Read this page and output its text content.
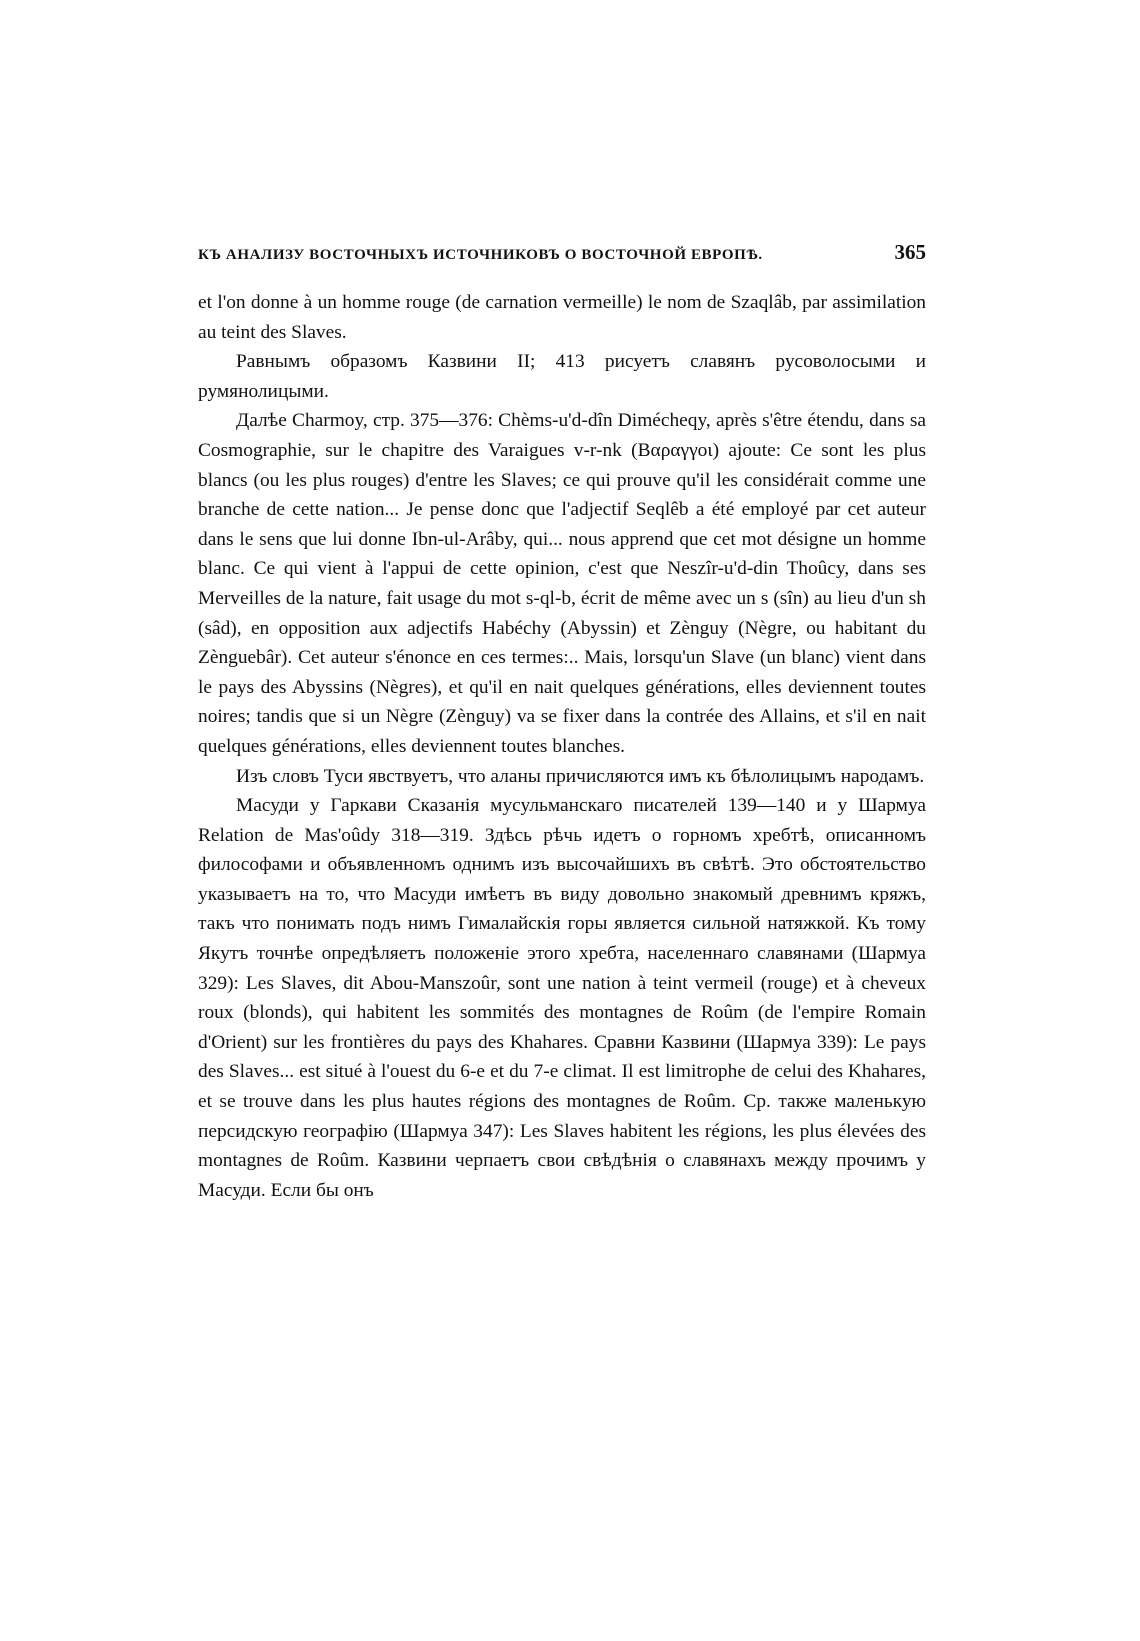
КЪ АНАЛИЗУ ВОСТОЧНЫХЪ ИСТОЧНИКОВЪ О ВОСТОЧНОЙ ЕВРОПѢ.	365

et l'on donne à un homme rouge (de carnation vermeille) le nom de Szaqlâb, par assimilation au teint des Slaves.

Равнымъ образомъ Казвини II; 413 рисуетъ славянъ русоволосыми и румянолицыми.

Далѣе Charmoy, стр. 375—376: Chèms-u'd-dîn Dimécheqy, après s'être étendu, dans sa Cosmographie, sur le chapitre des Varaigues v-r-nk (Βαραγγοι) ajoute: Ce sont les plus blancs (ou les plus rouges) d'entre les Slaves; ce qui prouve qu'il les considérait comme une branche de cette nation... Je pense donc que l'adjectif Seqlêb a été employé par cet auteur dans le sens que lui donne Ibn-ul-Arâby, qui... nous apprend que cet mot désigne un homme blanc. Ce qui vient à l'appui de cette opinion, c'est que Neszîr-u'd-din Thoûcy, dans ses Merveilles de la nature, fait usage du mot s-ql-b, écrit de même avec un s (sîn) au lieu d'un sh (sâd), en opposition aux adjectifs Habéchy (Abyssin) et Zènguy (Nègre, ou habitant du Zènguebâr). Cet auteur s'énonce en ces termes:.. Mais, lorsqu'un Slave (un blanc) vient dans le pays des Abyssins (Nègres), et qu'il en nait quelques générations, elles deviennent toutes noires; tandis que si un Nègre (Zènguy) va se fixer dans la contrée des Allains, et s'il en nait quelques générations, elles deviennent toutes blanches.

Изъ словъ Туси явствуетъ, что аланы причисляются имъ къ бѣлолицымъ народамъ.

Масуди у Гаркави Сказанія мусульманскаго писателей 139—140 и у Шармуа Relation de Mas'oûdy 318—319. Здѣсь рѣчь идетъ о горномъ хребтѣ, описанномъ философами и объявленномъ однимъ изъ высочайшихъ въ свѣтѣ. Это обстоятельство указываетъ на то, что Масуди имѣетъ въ виду довольно знакомый древнимъ кряжъ, такъ что понимать подъ нимъ Гималайскія горы является сильной натяжкой. Къ тому Якутъ точнѣе опредѣляетъ положеніе этого хребта, населеннаго славянами (Шармуа 329): Les Slaves, dit Abou-Manszoûr, sont une nation à teint vermeil (rouge) et à cheveux roux (blonds), qui habitent les sommités des montagnes de Roûm (de l'empire Romain d'Orient) sur les frontières du pays des Khahares. Сравни Казвини (Шармуа 339): Le pays des Slaves... est situé à l'ouest du 6-e et du 7-e climat. Il est limitrophe de celui des Khahares, et se trouve dans les plus hautes régions des montagnes de Roûm. Ср. также маленькую персидскую географію (Шармуа 347): Les Slaves habitent les régions, les plus élevées des montagnes de Roûm. Казвини черпаетъ свои свѣдѣнія о славянахъ между прочимъ у Масуди. Если бы онъ
